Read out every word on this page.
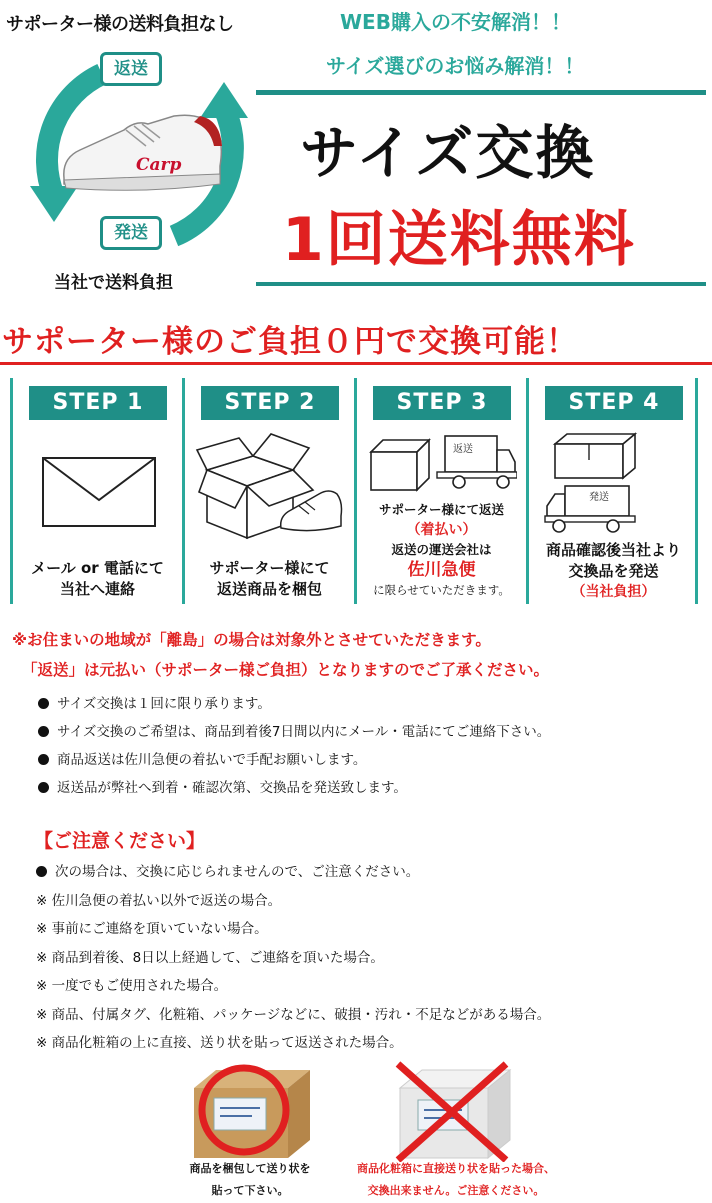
サポーター様の送料負担なし	WEB購入の不安解消！！
サイズ選びのお悩み解消！！
サイズ交換
1回送料無料
Carp
返送
発送
当社で送料負担
サポーター様のご負担０円で交換可能！
STEP 1
メール or 電話にて
当社へ連絡
STEP 2
サポーター様にて
返送商品を梱包
STEP 3
返送
サポーター様にて返送
（着払い）
返送の運送会社は
佐川急便
に限らせていただきます。
STEP 4
発送
商品確認後当社より
交換品を発送
（当社負担）
※お住まいの地域が「離島」の場合は対象外とさせていただきます。
「返送」は元払い（サポーター様ご負担）となりますのでご了承ください。
サイズ交換は１回に限り承ります。
サイズ交換のご希望は、商品到着後7日間以内にメール・電話にてご連絡下さい。
商品返送は佐川急便の着払いで手配お願いします。
返送品が弊社へ到着・確認次第、交換品を発送致します。
【ご注意ください】
次の場合は、交換に応じられませんので、ご注意ください。
※ 佐川急便の着払い以外で返送の場合。
※ 事前にご連絡を頂いていない場合。
※ 商品到着後、8日以上経過して、ご連絡を頂いた場合。
※ 一度でもご使用された場合。
※ 商品、付属タグ、化粧箱、パッケージなどに、破損・汚れ・不足などがある場合。
※ 商品化粧箱の上に直接、送り状を貼って返送された場合。
商品を梱包して送り状を
貼って下さい。
商品化粧箱に直接送り状を貼った場合、
交換出来ません。ご注意ください。
